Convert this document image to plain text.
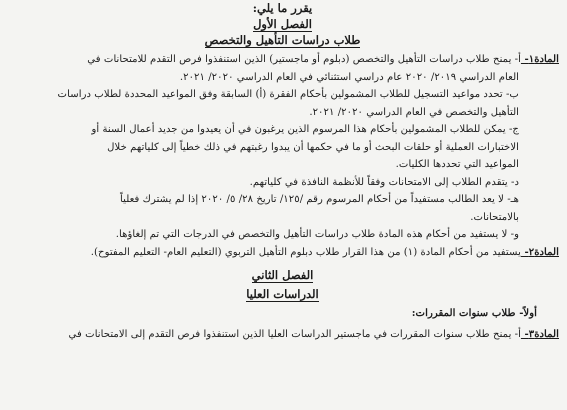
يقرر ما يلي:
الفصل الأول
طلاب دراسات التأهيل والتخصص
المادة١- أ- يمنح طلاب دراسات التأهيل والتخصص (دبلوم أو ماجستير) الذين استنفذوا فرص التقدم للامتحانات في
العام الدراسي ٢٠١٩/ ٢٠٢٠ عام دراسي استثنائي في العام الدراسي ٢٠٢٠/ ٢٠٢١.
ب- تحدد مواعيد التسجيل للطلاب المشمولين بأحكام الفقرة (أ) السابقة وفق المواعيد المحددة لطلاب دراسات
التأهيل والتخصص في العام الدراسي ٢٠٢٠/ ٢٠٢١.
ج- يمكن للطلاب المشمولين بأحكام هذا المرسوم الذين يرغبون في أن يعيدوا من جديد أعمال السنة أو
الاختبارات العملية أو حلقات البحث أو ما في حكمها أن يبدوا رغبتهم في ذلك خطياً إلى كلياتهم خلال
المواعيد التي تحددها الكليات.
د- يتقدم الطلاب إلى الامتحانات وفقاً للأنظمة النافذة في كلياتهم.
هـ- لا يعد الطالب مستفيداً من أحكام المرسوم رقم /١٢٥/ تاريخ ٢٨/ ٥/ ٢٠٢٠ إذا لم يشترك فعلياً
بالامتحانات.
و- لا يستفيد من أحكام هذه المادة طلاب دراسات التأهيل والتخصص في الدرجات التي تم إلغاؤها.
المادة٢- يستفيد من أحكام المادة (١) من هذا القرار طلاب دبلوم التأهيل التربوي (التعليم العام- التعليم المفتوح).
الفصل الثاني
الدراسات العليا
أولاً- طلاب سنوات المقررات:
المادة٣- أ- يمنح طلاب سنوات المقررات في ماجستير الدراسات العليا الذين استنفذوا فرص التقدم إلى الامتحانات في
